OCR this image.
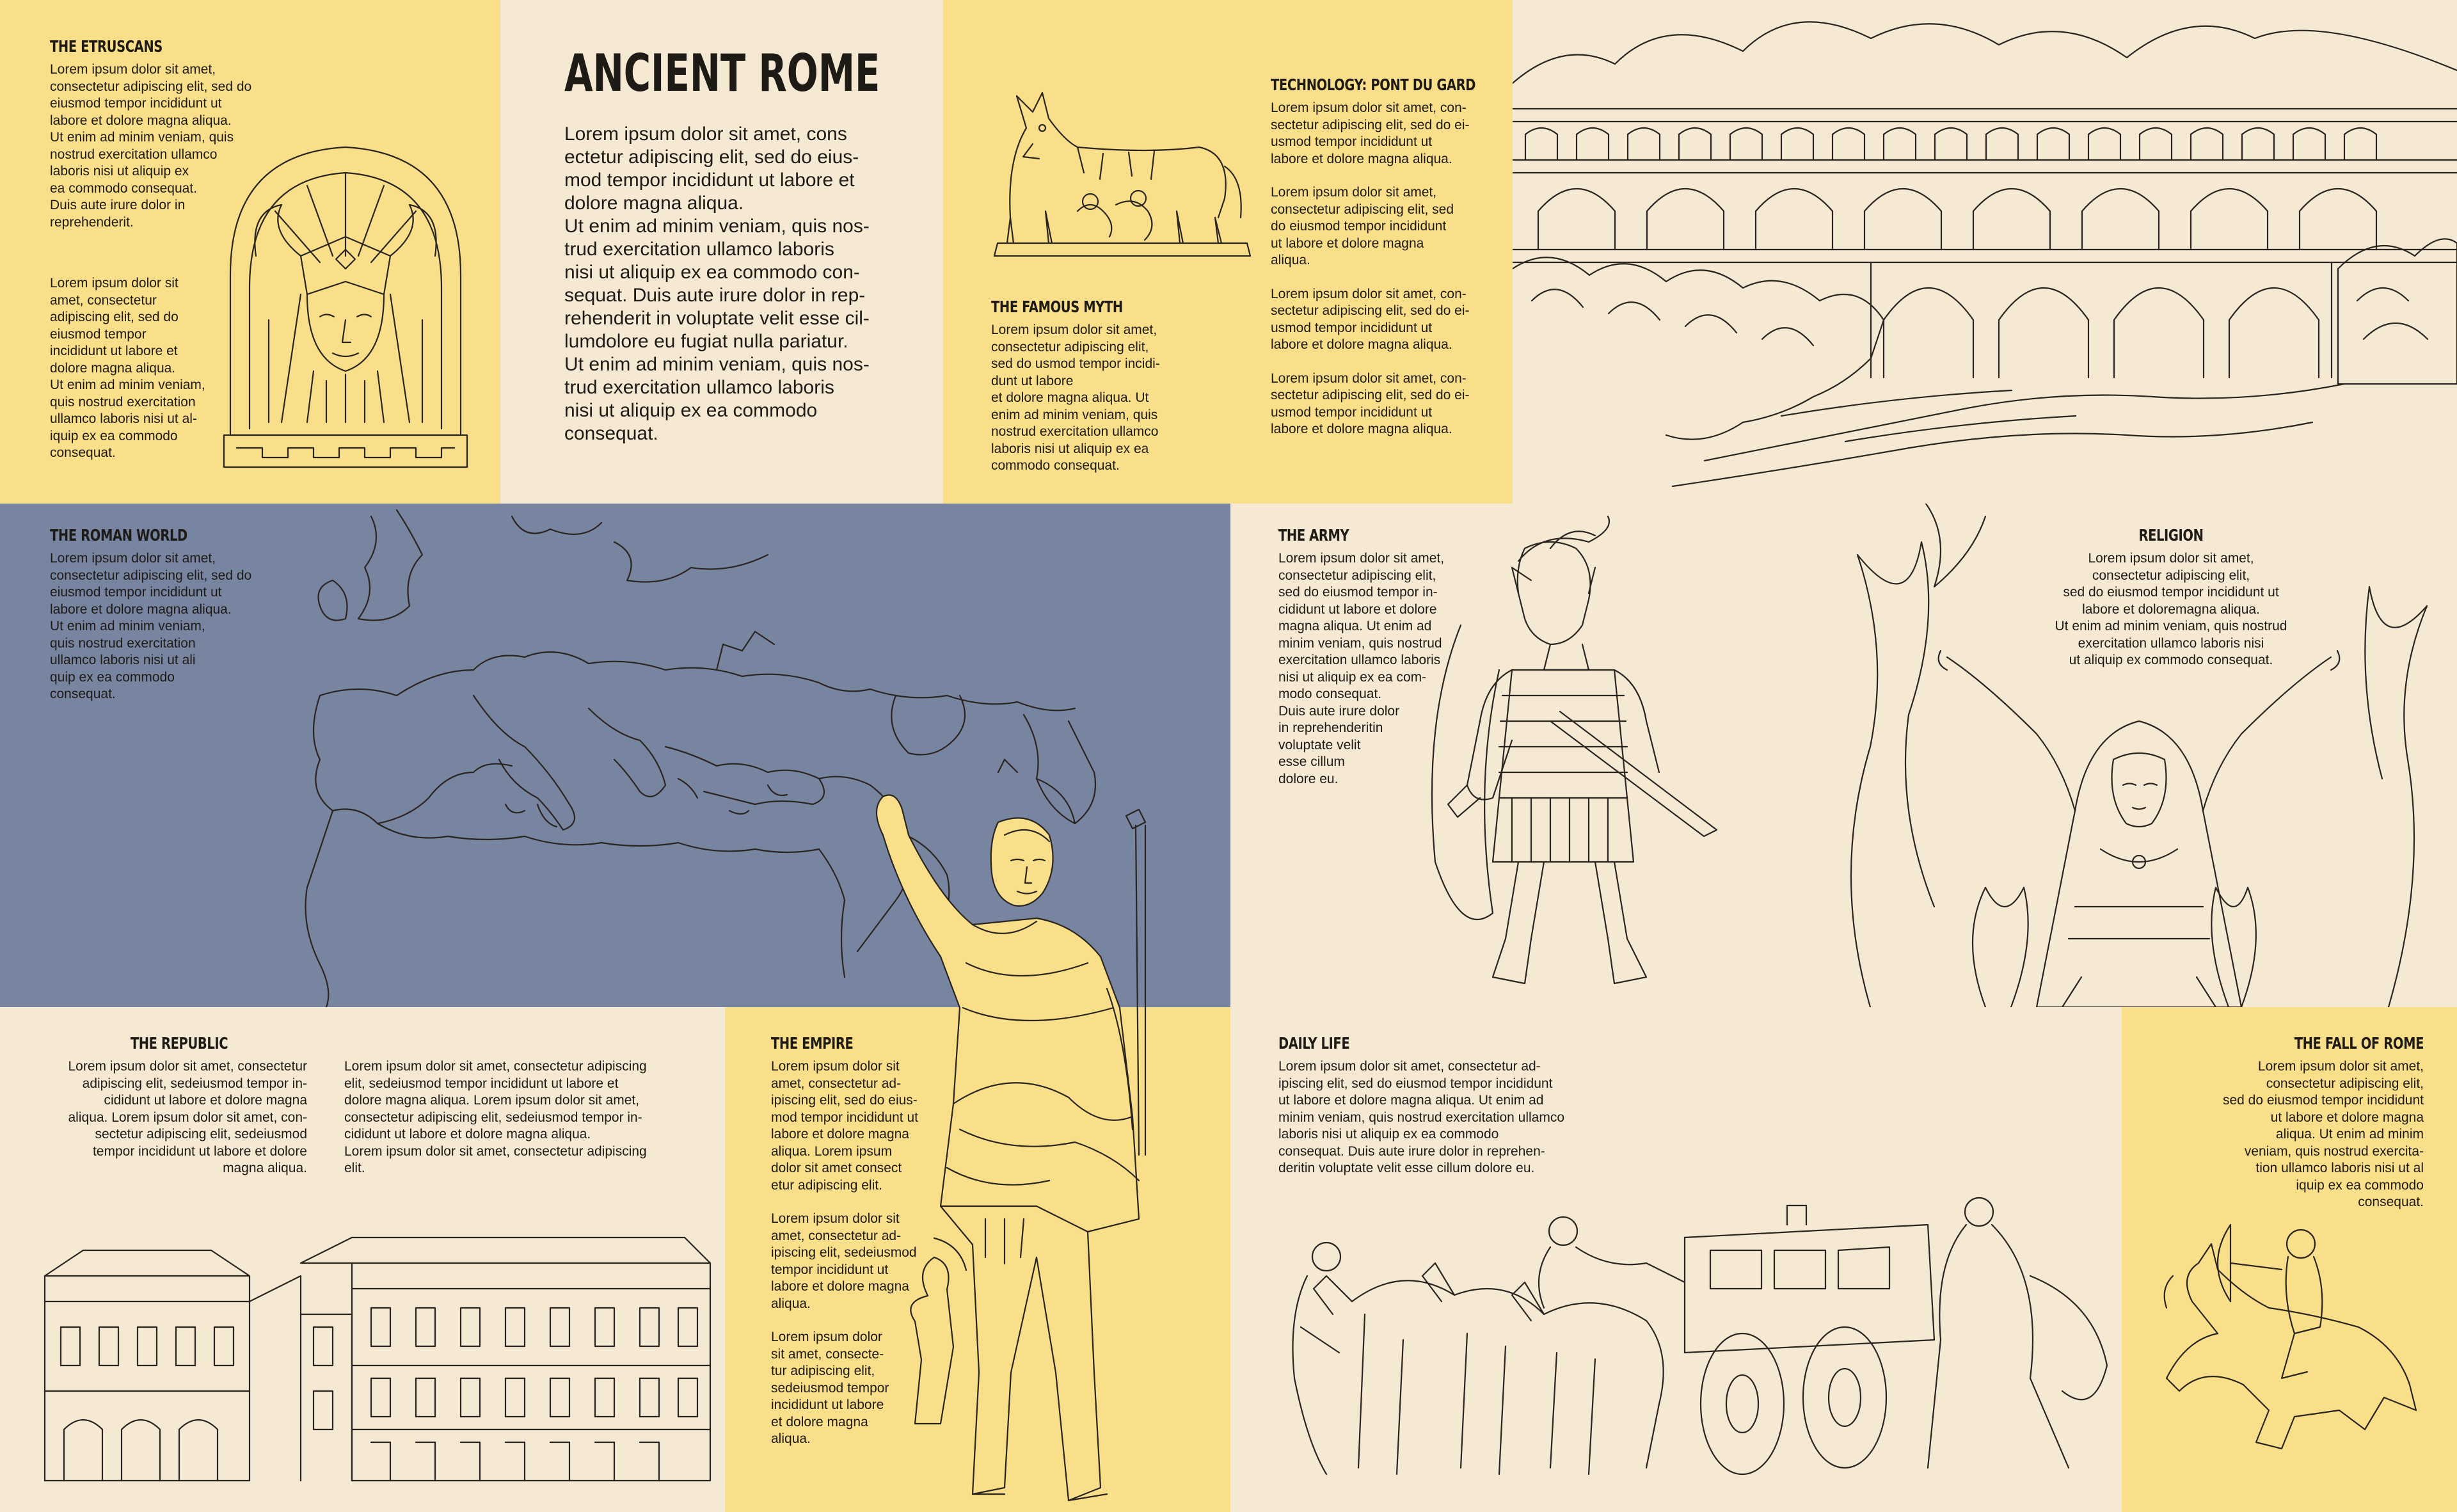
THE ETRUSCANS
Lorem ipsum dolor sit amet,
consectetur adipiscing elit, sed do
eiusmod tempor incididunt ut
labore et dolore magna aliqua.
Ut enim ad minim veniam, quis
nostrud exercitation ullamco
laboris nisi ut aliquip ex
ea commodo consequat.
Duis aute irure dolor in
reprehenderit.
Lorem ipsum dolor sit
amet, consectetur
adipiscing elit, sed do
eiusmod tempor
incididunt ut labore et
dolore magna aliqua.
Ut enim ad minim veniam,
quis nostrud exercitation
ullamco laboris nisi ut al-
iquip ex ea commodo
consequat.
ANCIENT ROME
Lorem ipsum dolor sit amet, cons
ectetur adipiscing elit, sed do eius-
mod tempor incididunt ut labore et
dolore magna aliqua.
Ut enim ad minim veniam, quis nos-
trud exercitation ullamco laboris
nisi ut aliquip ex ea commodo con-
sequat. Duis aute irure dolor in rep-
rehenderit in voluptate velit esse cil-
lumdolore eu fugiat nulla pariatur.
Ut enim ad minim veniam, quis nos-
trud exercitation ullamco laboris
nisi ut aliquip ex ea commodo
consequat.
THE FAMOUS MYTH
Lorem ipsum dolor sit amet,
consectetur adipiscing elit,
sed do usmod tempor incidi-
dunt ut labore
et dolore magna aliqua. Ut
enim ad minim veniam, quis
nostrud exercitation ullamco
laboris nisi ut aliquip ex ea
commodo consequat.
TECHNOLOGY: PONT DU GARD
Lorem ipsum dolor sit amet, con-
sectetur adipiscing elit, sed do ei-
usmod tempor incididunt ut
labore et dolore magna aliqua.
Lorem ipsum dolor sit amet,
consectetur adipiscing elit, sed
do eiusmod tempor incididunt
ut labore et dolore magna
aliqua.
Lorem ipsum dolor sit amet, con-
sectetur adipiscing elit, sed do ei-
usmod tempor incididunt ut
labore et dolore magna aliqua.
Lorem ipsum dolor sit amet, con-
sectetur adipiscing elit, sed do ei-
usmod tempor incididunt ut
labore et dolore magna aliqua.
THE ROMAN WORLD
Lorem ipsum dolor sit amet,
consectetur adipiscing elit, sed do
eiusmod tempor incididunt ut
labore et dolore magna aliqua.
Ut enim ad minim veniam,
quis nostrud exercitation
ullamco laboris nisi ut ali
quip ex ea commodo
consequat.
THE ARMY
Lorem ipsum dolor sit amet,
consectetur adipiscing elit,
sed do eiusmod tempor in-
cididunt ut labore et dolore
magna aliqua. Ut enim ad
minim veniam, quis nostrud
exercitation ullamco laboris
nisi ut aliquip ex ea com-
modo consequat.
Duis aute irure dolor
in reprehenderitin
voluptate velit
esse cillum
dolore eu.
RELIGION
Lorem ipsum dolor sit amet,
consectetur adipiscing elit,
sed do eiusmod tempor incididunt ut
labore et doloremagna aliqua.
Ut enim ad minim veniam, quis nostrud
exercitation ullamco laboris nisi
ut aliquip ex commodo consequat.
THE REPUBLIC
Lorem ipsum dolor sit amet, consectetur
adipiscing elit, sedeiusmod tempor in-
cididunt ut labore et dolore magna
aliqua. Lorem ipsum dolor sit amet, con-
sectetur adipiscing elit, sedeiusmod
tempor incididunt ut labore et dolore
magna aliqua.
Lorem ipsum dolor sit amet, consectetur adipiscing
elit, sedeiusmod tempor incididunt ut labore et
dolore magna aliqua. Lorem ipsum dolor sit amet,
consectetur adipiscing elit, sedeiusmod tempor in-
cididunt ut labore et dolore magna aliqua.
Lorem ipsum dolor sit amet, consectetur adipiscing
elit.
THE EMPIRE
Lorem ipsum dolor sit
amet, consectetur ad-
ipiscing elit, sed do eius-
mod tempor incididunt ut
labore et dolore magna
aliqua. Lorem ipsum
dolor sit amet consect
etur adipiscing elit.
Lorem ipsum dolor sit
amet, consectetur ad-
ipiscing elit, sedeiusmod
tempor incididunt ut
labore et dolore magna
aliqua.
Lorem ipsum dolor
sit amet, consecte-
tur adipiscing elit,
sedeiusmod tempor
incididunt ut labore
et dolore magna
aliqua.
DAILY LIFE
Lorem ipsum dolor sit amet, consectetur ad-
ipiscing elit, sed do eiusmod tempor incididunt
ut labore et dolore magna aliqua. Ut enim ad
minim veniam, quis nostrud exercitation ullamco
laboris nisi ut aliquip ex ea commodo
consequat. Duis aute irure dolor in reprehen-
deritin voluptate velit esse cillum dolore eu.
THE FALL OF ROME
Lorem ipsum dolor sit amet,
consectetur adipiscing elit,
sed do eiusmod tempor incididunt
ut labore et dolore magna
aliqua. Ut enim ad minim
veniam, quis nostrud exercita-
tion ullamco laboris nisi ut al
iquip ex ea commodo
consequat.
